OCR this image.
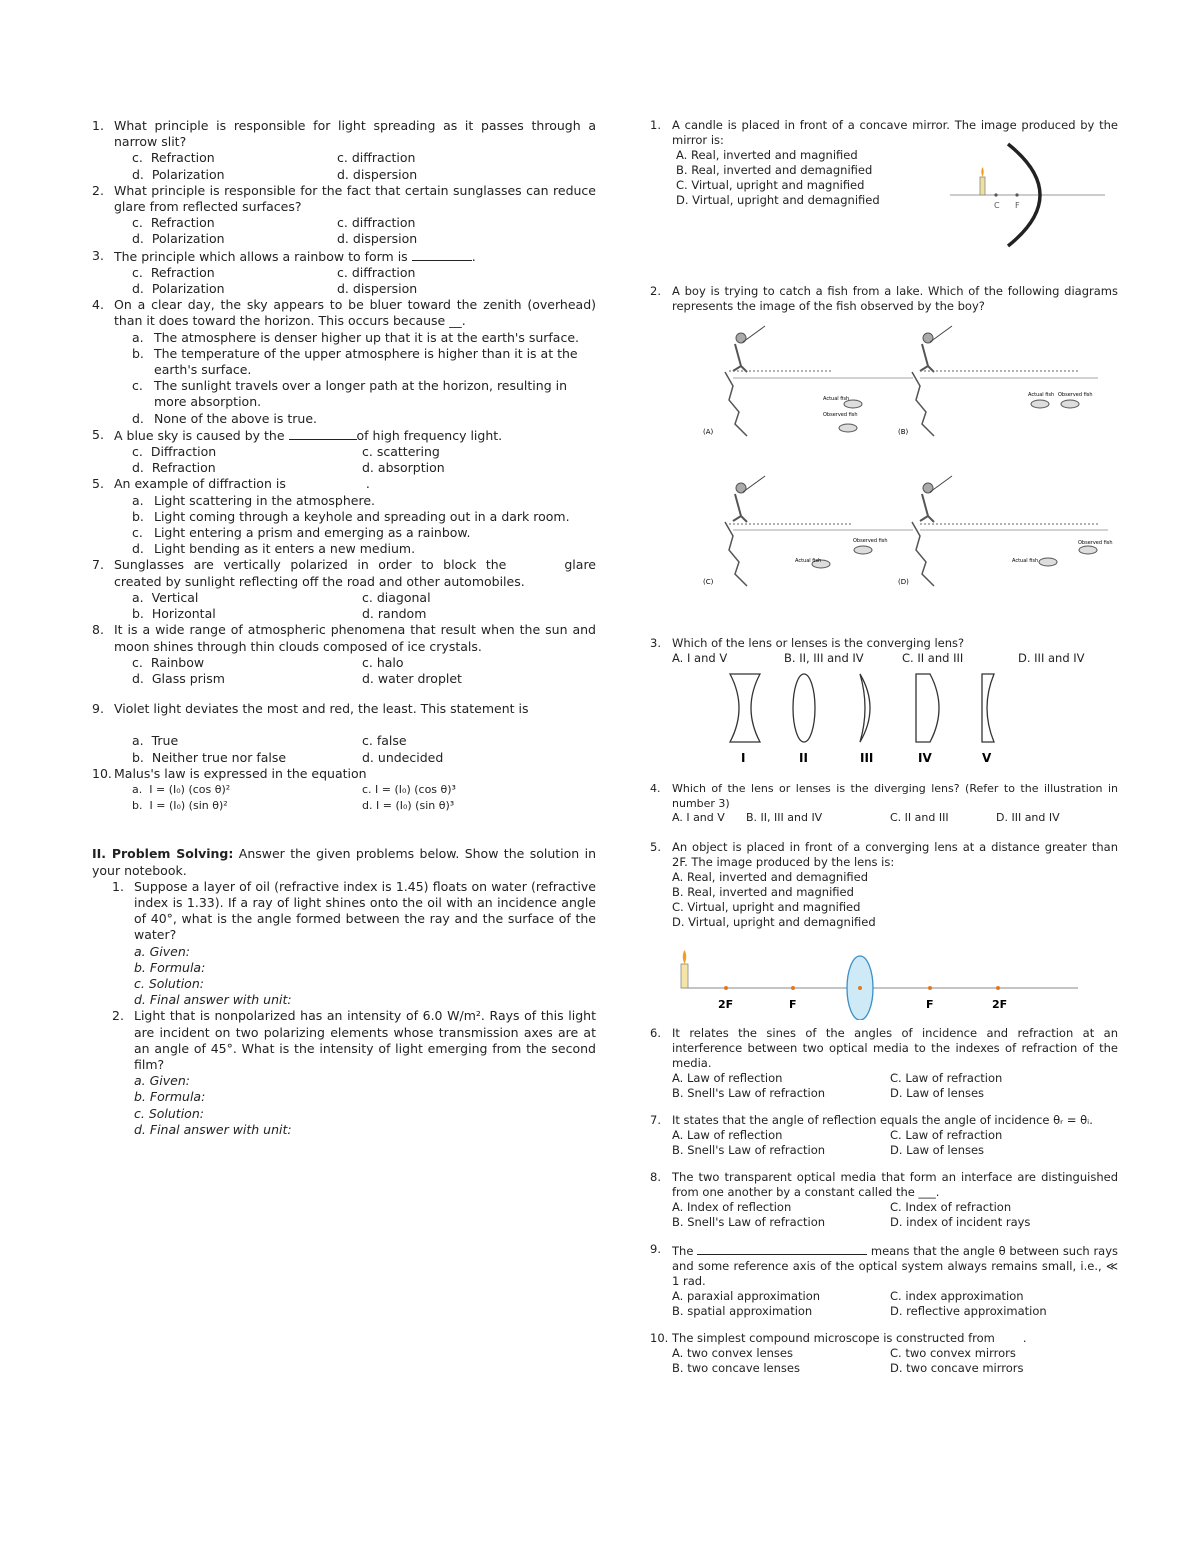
1. What principle is responsible for light spreading as it passes through a narrow slit?
c. Refraction	c. diffraction
d. Polarization	d. dispersion
2. What principle is responsible for the fact that certain sunglasses can reduce glare from reflected surfaces?
c. Refraction	c. diffraction
d. Polarization	d. dispersion
3. The principle which allows a rainbow to form is	.
c. Refraction	c. diffraction
d. Polarization	d. dispersion
4. On a clear day, the sky appears to be bluer toward the zenith (overhead) than it does toward the horizon. This occurs because __.
a. The atmosphere is denser higher up that it is at the earth's surface.
b. The temperature of the upper atmosphere is higher than it is at the earth's surface.
c. The sunlight travels over a longer path at the horizon, resulting in more absorption.
d. None of the above is true.
5. A blue sky is caused by the	of high frequency light.
c. Diffraction	c. scattering
d. Refraction	d. absorption
5. An example of diffraction is	.
a. Light scattering in the atmosphere.
b. Light coming through a keyhole and spreading out in a dark room.
c. Light entering a prism and emerging as a rainbow.
d. Light bending as it enters a new medium.
7. Sunglasses are vertically polarized in order to block the	glare created by sunlight reflecting off the road and other automobiles.
a. Vertical	c. diagonal
b. Horizontal	d. random
8. It is a wide range of atmospheric phenomena that result when the sun and moon shines through thin clouds composed of ice crystals.
c. Rainbow	c. halo
d. Glass prism	d. water droplet
9. Violet light deviates the most and red, the least. This statement is
a. True	c. false
b. Neither true nor false	d. undecided
10. Malus's law is expressed in the equation
a. I = (I₀) (cos θ)²	c. I = (I₀) (cos θ)³
b. I = (I₀) (sin θ)²	d. I = (I₀) (sin θ)³
II. Problem Solving: Answer the given problems below. Show the solution in your notebook.
1. Suppose a layer of oil (refractive index is 1.45) floats on water (refractive index is 1.33). If a ray of light shines onto the oil with an incidence angle of 40°, what is the angle formed between the ray and the surface of the water?
a. Given:
b. Formula:
c. Solution:
d. Final answer with unit:
2. Light that is nonpolarized has an intensity of 6.0 W/m². Rays of this light are incident on two polarizing elements whose transmission axes are at an angle of 45°. What is the intensity of light emerging from the second film?
a. Given:
b. Formula:
c. Solution:
d. Final answer with unit:
1. A candle is placed in front of a concave mirror. The image produced by the mirror is:
A. Real, inverted and magnified
B. Real, inverted and demagnified
C. Virtual, upright and magnified
D. Virtual, upright and demagnified	C F
2. A boy is trying to catch a fish from a lake. Which of the following diagrams represents the image of the fish observed by the boy?
Actual fish
Observed fish
(A)
Actual fish Observed fish
(B)
Observed fish
Actual fish
(C)
Actual fish
Observed fish
(D)
3. Which of the lens or lenses is the converging lens?
A. I and V	B. II, III and IV	C. II and III	D. III and IV
I	II	III	IV	V
4. Which of the lens or lenses is the diverging lens? (Refer to the illustration in number 3)
A. I and V	B. II, III and IV	C. II and III	D. III and IV
5. An object is placed in front of a converging lens at a distance greater than 2F. The image produced by the lens is:
A. Real, inverted and demagnified
B. Real, inverted and magnified
C. Virtual, upright and magnified
D. Virtual, upright and demagnified
2F	F	F	2F
6. It relates the sines of the angles of incidence and refraction at an interference between two optical media to the indexes of refraction of the media.
A. Law of reflection	C. Law of refraction
B. Snell's Law of refraction	D. Law of lenses
7. It states that the angle of reflection equals the angle of incidence θᵣ = θᵢ.
A. Law of reflection	C. Law of refraction
B. Snell's Law of refraction	D. Law of lenses
8. The two transparent optical media that form an interface are distinguished from one another by a constant called the ___.
A. Index of reflection	C. Index of refraction
B. Snell's Law of refraction	D. index of incident rays
9. The	means that the angle θ between such rays and some reference axis of the optical system always remains small, i.e., ≪ 1 rad.
A. paraxial approximation	C. index approximation
B. spatial approximation	D. reflective approximation
10. The simplest compound microscope is constructed from .
A. two convex lenses	C. two convex mirrors
B. two concave lenses	D. two concave mirrors
